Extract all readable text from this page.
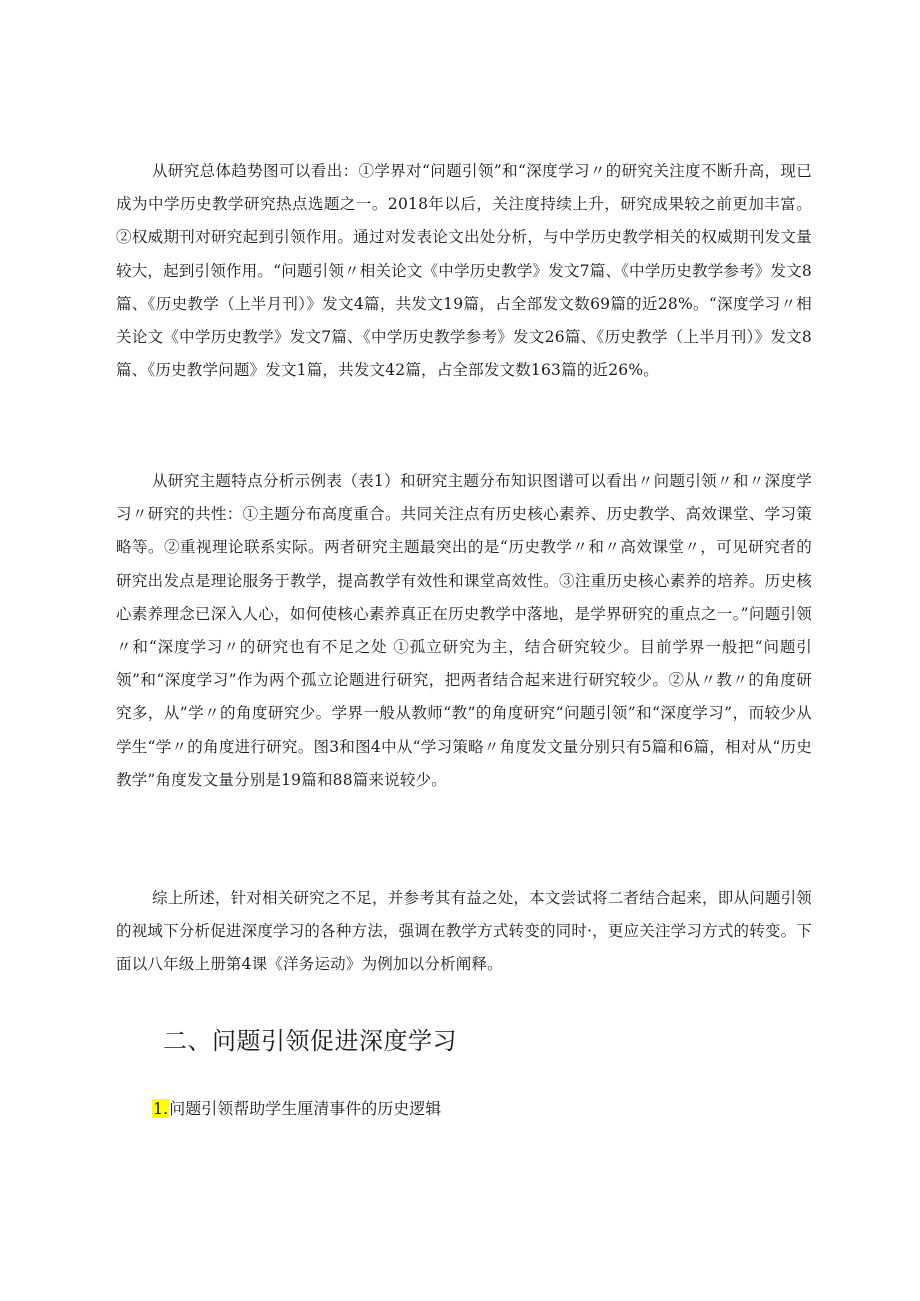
从研究总体趋势图可以看出：①学界对“问题引领”和“深度学习〃的研究关注度不断升高，现已成为中学历史教学研究热点选题之一。2018年以后，关注度持续上升，研究成果较之前更加丰富。②权威期刊对研究起到引领作用。通过对发表论文出处分析，与中学历史教学相关的权威期刊发文量较大，起到引领作用。“问题引领〃相关论文《中学历史教学》发文7篇、《中学历史教学参考》发文8篇、《历史教学（上半月刊）》发文4篇，共发文19篇，占全部发文数69篇的近28%。“深度学习〃相关论文《中学历史教学》发文7篇、《中学历史教学参考》发文26篇、《历史教学（上半月刊）》发文8篇、《历史教学问题》发文1篇，共发文42篇，占全部发文数163篇的近26%。

从研究主题特点分析示例表（表1）和研究主题分布知识图谱可以看出〃问题引领〃和〃深度学习〃研究的共性：①主题分布高度重合。共同关注点有历史核心素养、历史教学、高效课堂、学习策略等。②重视理论联系实际。两者研究主题最突出的是“历史教学〃和〃高效课堂〃，可见研究者的研究出发点是理论服务于教学，提高教学有效性和课堂高效性。③注重历史核心素养的培养。历史核心素养理念已深入人心，如何使核心素养真正在历史教学中落地，是学界研究的重点之一。”问题引领〃和“深度学习〃的研究也有不足之处 ①孤立研究为主，结合研究较少。目前学界一般把“问题引领”和“深度学习”作为两个孤立论题进行研究，把两者结合起来进行研究较少。②从〃教〃的角度研究多，从”学〃的角度研究少。学界一般从教师“教”的角度研究“问题引领”和“深度学习”，而较少从学生“学〃的角度进行研究。图3和图4中从“学习策略〃角度发文量分别只有5篇和6篇，相对从“历史教学”角度发文量分别是19篇和88篇来说较少。

综上所述，针对相关研究之不足，并参考其有益之处，本文尝试将二者结合起来，即从问题引领的视域下分析促进深度学习的各种方法，强调在教学方式转变的同时·，更应关注学习方式的转变。下面以八年级上册第4课《洋务运动》为例加以分析阐释。

二、问题引领促进深度学习
1.问题引领帮助学生厘清事件的历史逻辑
